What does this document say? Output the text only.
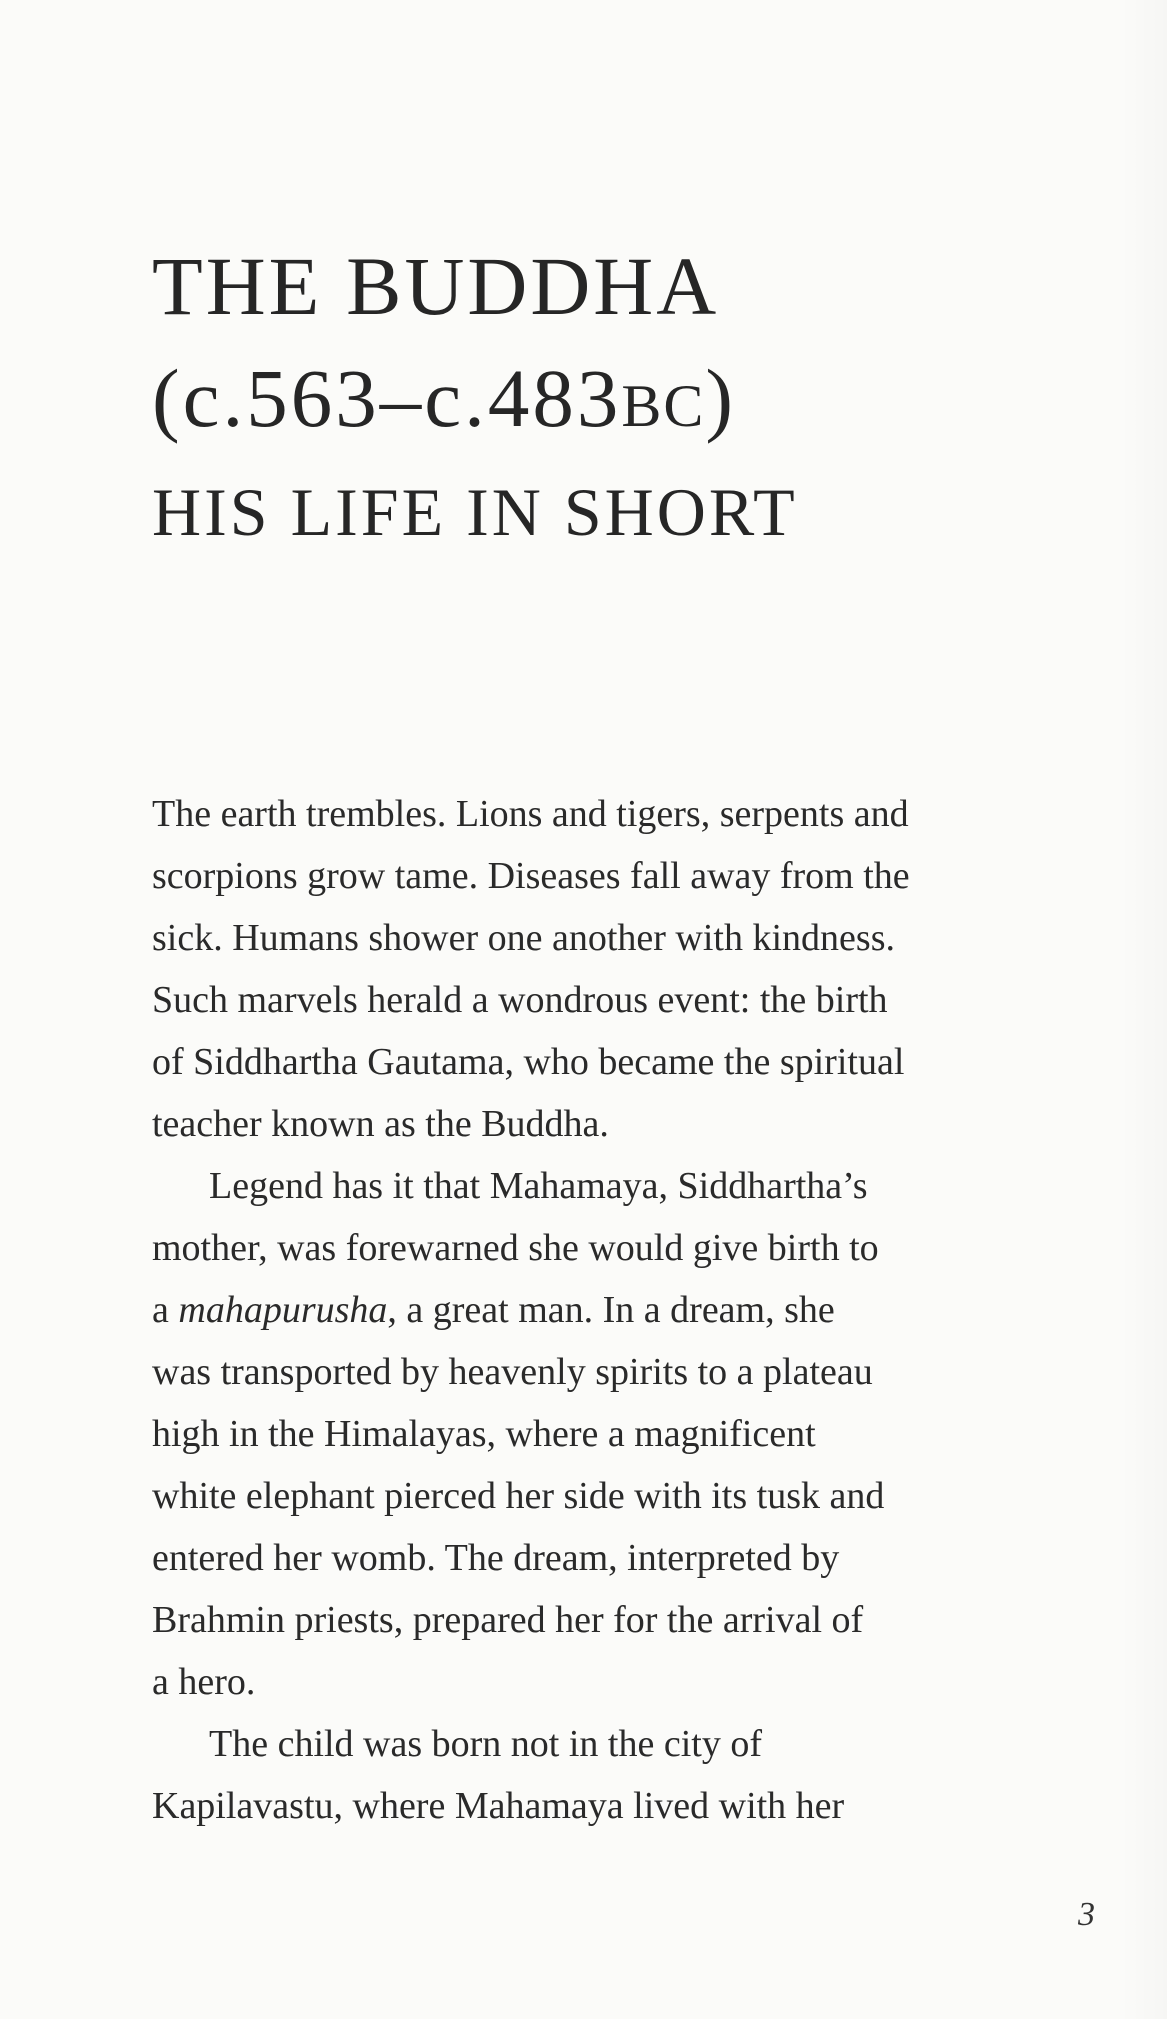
THE BUDDHA
(c.563–c.483BC)
HIS LIFE IN SHORT

The earth trembles. Lions and tigers, serpents and
scorpions grow tame. Diseases fall away from the
sick. Humans shower one another with kindness.
Such marvels herald a wondrous event: the birth
of Siddhartha Gautama, who became the spiritual
teacher known as the Buddha.

Legend has it that Mahamaya, Siddhartha’s
mother, was forewarned she would give birth to
a mahapurusha, a great man. In a dream, she
was transported by heavenly spirits to a plateau
high in the Himalayas, where a magnificent
white elephant pierced her side with its tusk and
entered her womb. The dream, interpreted by
Brahmin priests, prepared her for the arrival of
a hero.

The child was born not in the city of
Kapilavastu, where Mahamaya lived with her

3
